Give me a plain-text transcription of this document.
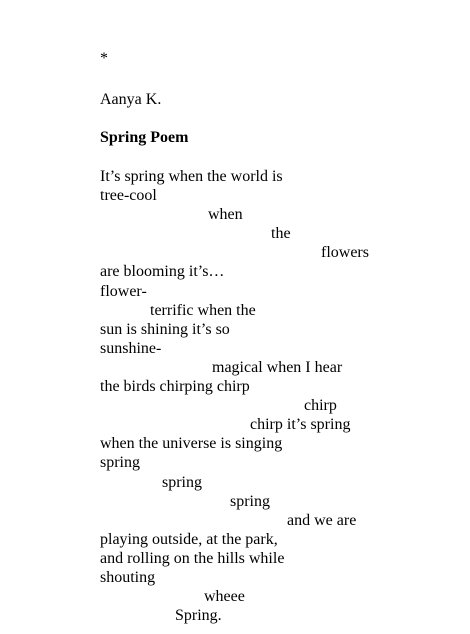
*
Aanya K.
Spring Poem
It’s spring when the world is
tree-cool
when
the
flowers
are blooming it’s…
flower-
terrific when the
sun is shining it’s so
sunshine-
magical when I hear
the birds chirping chirp
chirp
chirp it’s spring
when the universe is singing
spring
spring
spring
and we are
playing outside, at the park,
and rolling on the hills while
shouting
wheee
Spring.
